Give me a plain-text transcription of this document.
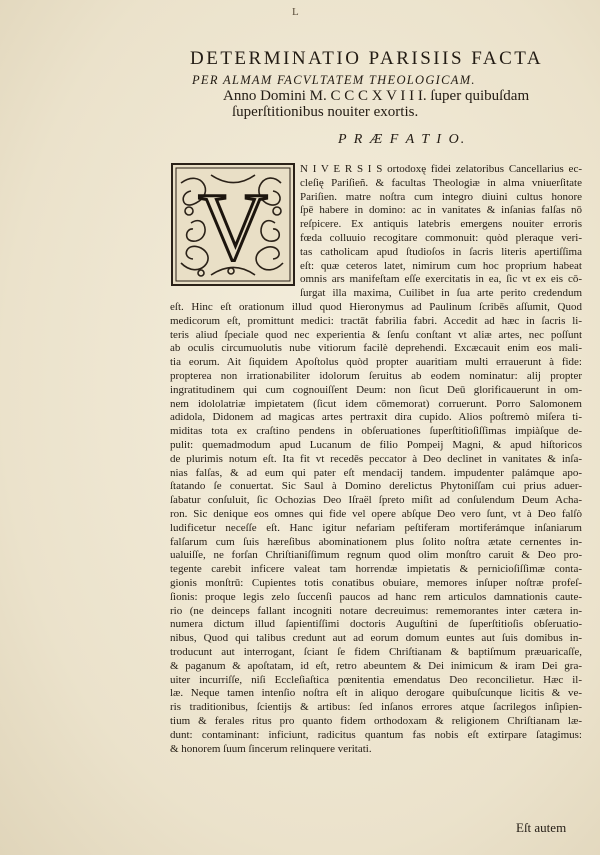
L
DETERMINATIO PARISIIS FACTA
PER ALMAM FACVLTATEM THEOLOGICAM.
Anno Domini M. C C C X V I I I. ſuper quibuſdam
ſuperſtitionibus nouiter exortis.
P R Æ F A T I O.
V
N I V E R S I S ortodoxę fidei zelatoribus Cancellarius ec-
cleſię Pariſieñ. & facultas Theologiæ in alma vniuerſitate
Pariſien. matre noſtra cum integro diuini cultus honore
ſpē habere in domino: ac in vanitates & inſanias falſas nō
reſpicere. Ex antiquis latebris emergens nouiter erroris
fœda colluuio recogitare commonuit: quòd pleraque veri-
tas catholicam apud ſtudioſos in ſacris literis apertiſſima
eſt: quæ ceteros latet, nimirum cum hoc proprium habeat
omnis ars manifeſtam eſſe exercitatis in ea, ſic vt ex eis cō-
ſurgat illa maxima, Cuilibet in ſua arte perito credendum
eſt. Hinc eſt orationum illud quod Hieronymus ad Paulinum ſcribēs aſſumit, Quod
medicorum eſt, promittunt medici: tractāt fabrilia fabri. Accedit ad hæc in ſacris li-
teris aliud ſpeciale quod nec experientia & ſenſu conſtant vt aliæ artes, nec poſſunt
ab oculis circumuolutis nube vitiorum facilè deprehendi. Excæcauit enim eos mali-
tia eorum. Ait ſiquidem Apoſtolus quòd propter auaritiam multi errauerunt à fide:
propterea non irrationabiliter idolorum ſeruitus ab eodem nominatur: alij propter
ingratitudinem qui cum cognouiſſent Deum: non ſicut Deū glorificauerunt in om-
nem idololatriæ impietatem (ſicut idem cōmemorat) corruerunt. Porro Salomonem
adidola, Didonem ad magicas artes pertraxit dira cupido. Alios poſtremò miſera ti-
miditas tota ex craſtino pendens in obſeruationes ſuperſtitioſiſſimas impiàſque de-
pulit: quemadmodum apud Lucanum de filio Pompeij Magni, & apud hiſtoricos
de plurimis notum eſt. Ita fit vt recedēs peccator à Deo declinet in vanitates & inſa-
nias falſas, & ad eum qui pater eſt mendacij tandem. impudenter palámque apo-
ſtatando ſe conuertat. Sic Saul à Domino derelictus Phytoniſſam cui prius aduer-
ſabatur conſuluit, ſic Ochozias Deo Iſraël ſpreto miſit ad conſulendum Deum Acha-
ron. Sic denique eos omnes qui fide vel opere abſque Deo vero ſunt, vt à Deo falſò
ludificetur neceſſe eſt. Hanc igitur nefariam peſtiferam mortiferámque inſaniarum
falſarum cum ſuis hæreſibus abominationem plus ſolito noſtra ætate cernentes in-
ualuiſſe, ne forſan Chriſtianiſſimum regnum quod olim monſtro caruit & Deo pro-
tegente carebit inficere valeat tam horrendæ impietatis & pernicioſiſſimæ conta-
gionis monſtrū: Cupientes totis conatibus obuiare, memores inſuper noſtræ profeſ-
ſionis: proque legis zelo ſuccenſi paucos ad hanc rem articulos damnationis caute-
rio (ne deinceps fallant incogniti notare decreuimus: rememorantes inter cætera in-
numera dictum illud ſapientiſſimi doctoris Auguſtini de ſuperſtitioſis obſeruatio-
nibus, Quod qui talibus credunt aut ad eorum domum euntes aut ſuis domibus in-
troducunt aut interrogant, ſciant ſe fidem Chriſtianam & baptiſmum præuaricaſſe,
& paganum & apoſtatam, id eſt, retro abeuntem & Dei inimicum & iram Dei gra-
uiter incurriſſe, niſi Eccleſiaſtica pœnitentia emendatus Deo reconcilietur. Hæc il-
læ. Neque tamen intenſio noſtra eſt in aliquo derogare quibuſcunque licitis & ve-
ris traditionibus, ſcientijs & artibus: ſed inſanos errores atque ſacrilegos inſipien-
tium & ferales ritus pro quanto fidem orthodoxam & religionem Chriſtianam læ-
dunt: contaminant: inficiunt, radicitus quantum fas nobis eſt extirpare ſatagimus:
& honorem ſuum ſincerum relinquere veritati.
Eſt autem
